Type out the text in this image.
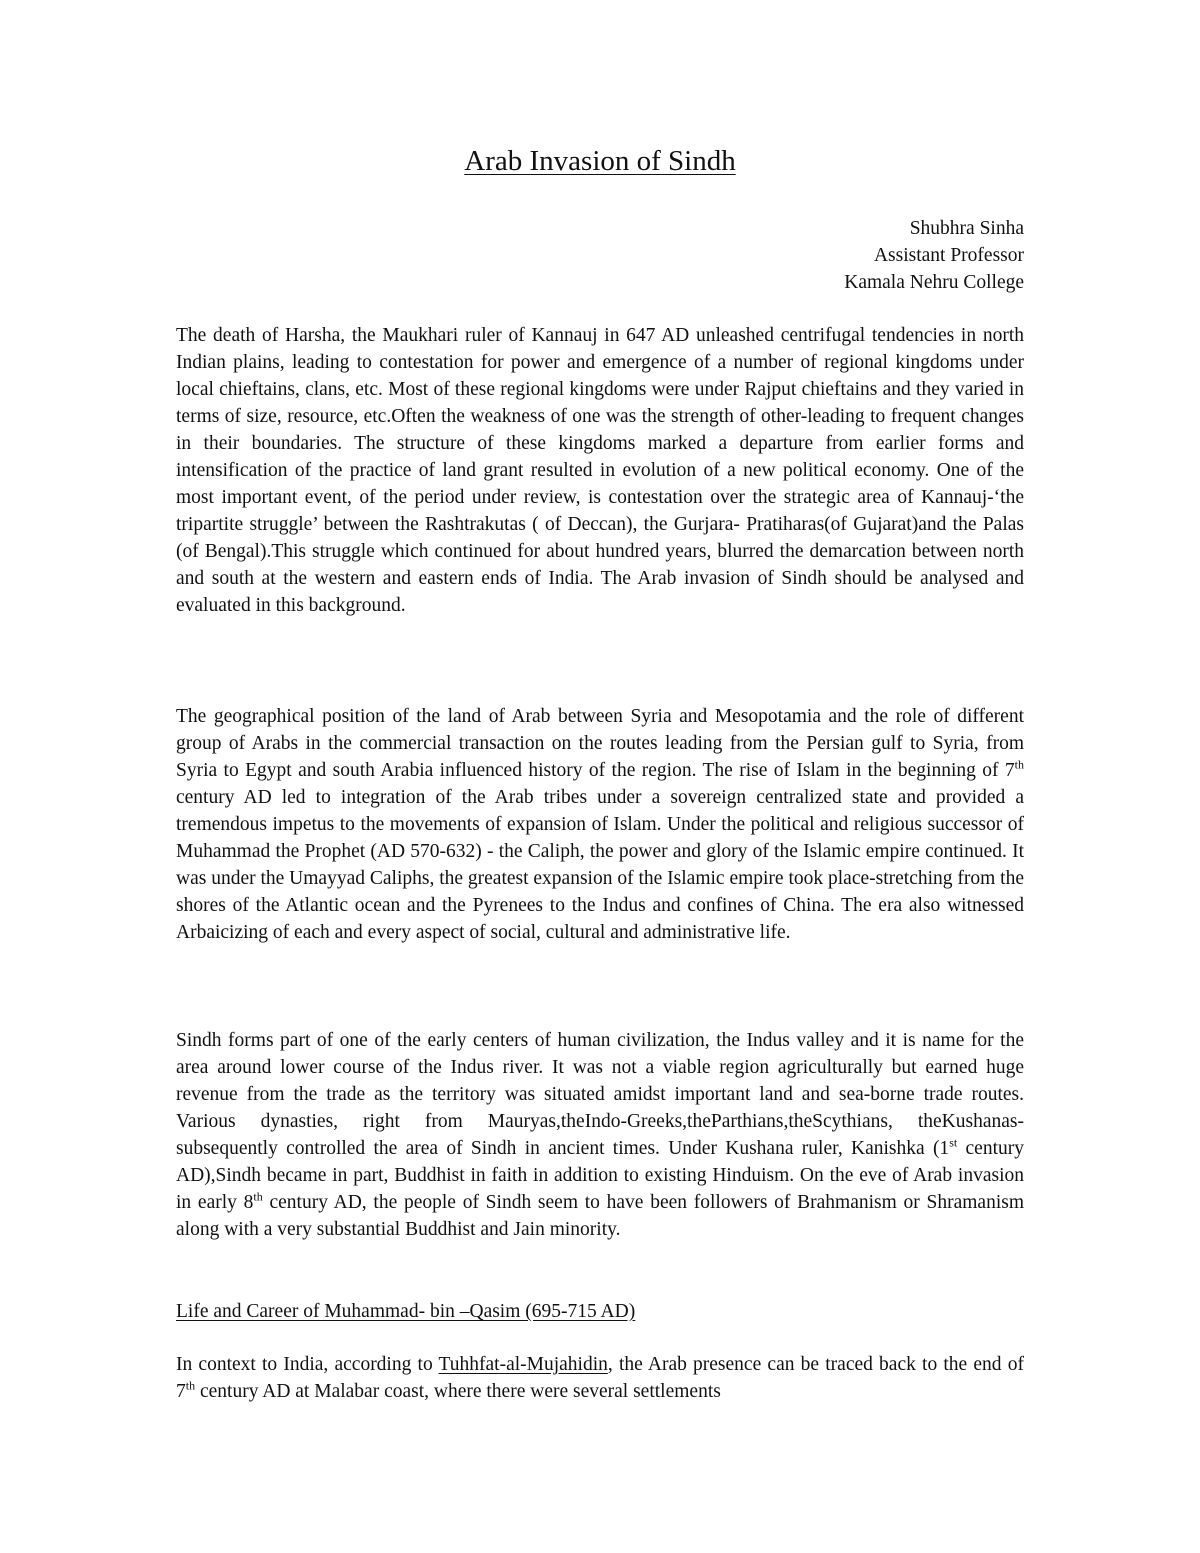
Arab Invasion of Sindh
Shubhra Sinha
Assistant Professor
Kamala Nehru College

The death of Harsha, the Maukhari ruler of Kannauj in 647 AD unleashed centrifugal tendencies in north Indian plains, leading to contestation for power and emergence of a number of regional kingdoms under local chieftains, clans, etc. Most of these regional kingdoms were under Rajput chieftains and they varied in terms of size, resource, etc.Often the weakness of one was the strength of other-leading to frequent changes in their boundaries. The structure of these kingdoms marked a departure from earlier forms and intensification of the practice of land grant resulted in evolution of a new political economy. One of the most important event, of the period under review, is contestation over the strategic area of Kannauj-‘the tripartite struggle’ between the Rashtrakutas ( of Deccan), the Gurjara- Pratiharas(of Gujarat)and the Palas (of Bengal).This struggle which continued for about hundred years, blurred the demarcation between north and south at the western and eastern ends of India. The Arab invasion of Sindh should be analysed and evaluated in this background.

The geographical position of the land of Arab between Syria and Mesopotamia and the role of different group of Arabs in the commercial transaction on the routes leading from the Persian gulf to Syria, from Syria to Egypt and south Arabia influenced history of the region. The rise of Islam in the beginning of 7th century AD led to integration of the Arab tribes under a sovereign centralized state and provided a tremendous impetus to the movements of expansion of Islam. Under the political and religious successor of Muhammad the Prophet (AD 570-632) - the Caliph, the power and glory of the Islamic empire continued. It was under the Umayyad Caliphs, the greatest expansion of the Islamic empire took place-stretching from the shores of the Atlantic ocean and the Pyrenees to the Indus and confines of China. The era also witnessed Arbaicizing of each and every aspect of social, cultural and administrative life.

Sindh forms part of one of the early centers of human civilization, the Indus valley and it is name for the area around lower course of the Indus river. It was not a viable region agriculturally but earned huge revenue from the trade as the territory was situated amidst important land and sea-borne trade routes. Various dynasties, right from Mauryas,theIndo-Greeks,theParthians,theScythians, theKushanas-subsequently controlled the area of Sindh in ancient times. Under Kushana ruler, Kanishka (1st century AD),Sindh became in part, Buddhist in faith in addition to existing Hinduism. On the eve of Arab invasion in early 8th century AD, the people of Sindh seem to have been followers of Brahmanism or Shramanism along with a very substantial Buddhist and Jain minority.

Life and Career of Muhammad- bin –Qasim (695-715 AD)

In context to India, according to Tuhhfat-al-Mujahidin, the Arab presence can be traced back to the end of 7th century AD at Malabar coast, where there were several settlements
